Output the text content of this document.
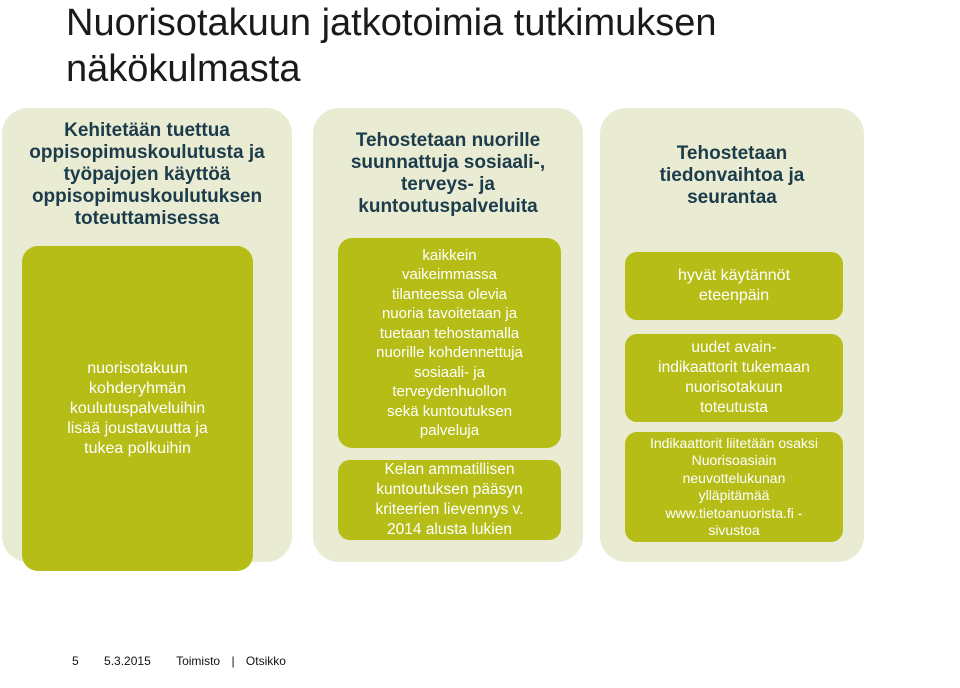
Nuorisotakuun jatkotoimia tutkimuksen
näkökulmasta
Kehitetään tuettua
oppisopimuskoulutusta ja
työpajojen käyttöä
oppisopimuskoulutuksen
toteuttamisessa
nuorisotakuun
kohderyhmän
koulutuspalveluihin
lisää joustavuutta ja
tukea polkuihin
Tehostetaan nuorille
suunnattuja sosiaali-,
terveys- ja
kuntoutuspalveluita
kaikkein
vaikeimmassa
tilanteessa olevia
nuoria tavoitetaan ja
tuetaan tehostamalla
nuorille kohdennettuja
sosiaali- ja
terveydenhuollon
sekä kuntoutuksen
palveluja
Kelan ammatillisen
kuntoutuksen pääsyn
kriteerien lievennys v.
2014 alusta lukien
Tehostetaan
tiedonvaihtoa ja
seurantaa
hyvät käytännöt
eteenpäin
uudet avain-
indikaattorit tukemaan
nuorisotakuun
toteutusta
Indikaattorit liitetään osaksi
Nuorisoasiain
neuvottelukunan
ylläpitämää
www.tietoanuorista.fi -
sivustoa
5 5.3.2015 Toimisto | Otsikko
